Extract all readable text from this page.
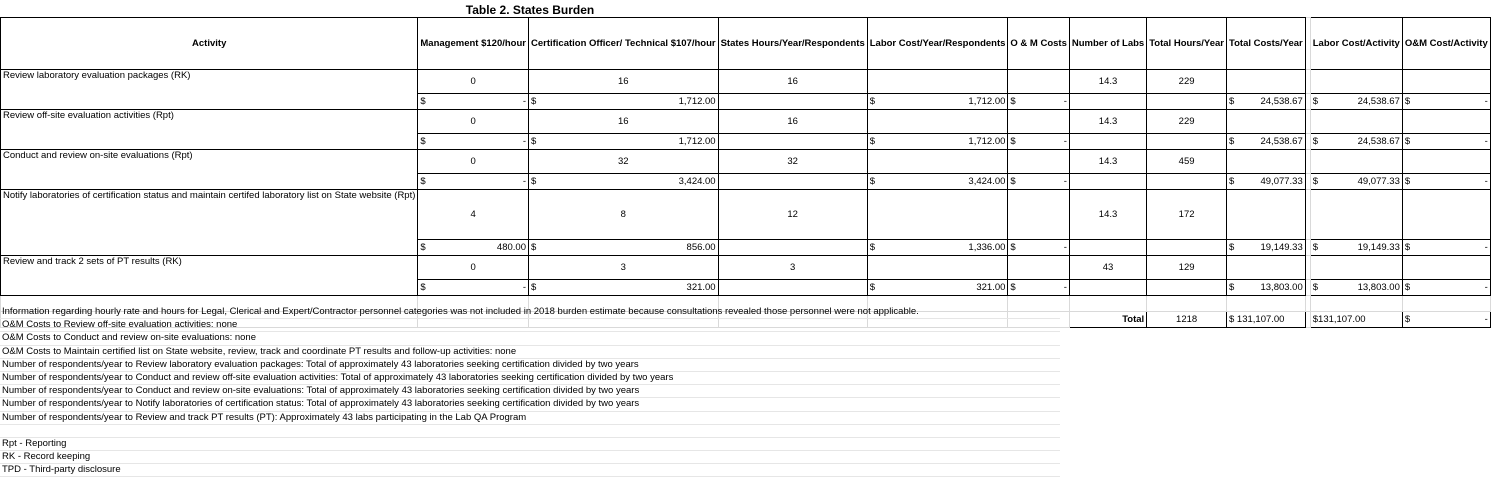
Table 2. States Burden
Activity	Management $120/hour	Certification Officer/ Technical $107/hour	States Hours/Year/Respondents	Labor Cost/Year/Respondents	O & M Costs	Number of Labs	Total Hours/Year	Total Costs/Year		Labor Cost/Activity	O&M Cost/Activity
Review laboratory evaluation packages (RK)	0	16	16			14.3	229				

	$ -	$ 1,712.00		$ 1,712.00	$ -			$ 24,538.67		$ 24,538.67	$ -

Review off-site evaluation activities (Rpt)	0	16	16			14.3	229				

	$ -	$ 1,712.00		$ 1,712.00	$ -			$ 24,538.67		$ 24,538.67	$ -

Conduct and review on-site evaluations (Rpt)	0	32	32			14.3	459				

	$ -	$ 3,424.00		$ 3,424.00	$ -			$ 49,077.33		$ 49,077.33	$ -

Notify laboratories of certification status and maintain certifed laboratory list on State website (Rpt)	4	8	12			14.3	172				

	$ 480.00	$ 856.00		$ 1,336.00	$ -			$ 19,149.33		$ 19,149.33	$ -

Review and track 2 sets of PT results (RK)	0	3	3			43	129				

	$ -	$ 321.00		$ 321.00	$ -			$ 13,803.00		$ 13,803.00	$ -

						Total	1218	$ 131,107.00		$131,107.00	$ -
Information regarding hourly rate and hours for Legal, Clerical and Expert/Contractor personnel categories was not included in 2018 burden estimate because consultations revealed those personnel were not applicable.
O&M Costs to Review off-site evaluation activities: none
O&M Costs to Conduct and review on-site evaluations: none
O&M Costs to Maintain certified list on State website, review, track and coordinate PT results and follow-up activities: none
Number of respondents/year to Review laboratory evaluation packages: Total of approximately 43 laboratories seeking certification divided by two years
Number of respondents/year to Conduct and review off-site evaluation activities: Total of approximately 43 laboratories seeking certification divided by two years
Number of respondents/year to Conduct and review on-site evaluations: Total of approximately 43 laboratories seeking certification divided by two years
Number of respondents/year to Notify laboratories of certification status: Total of approximately 43 laboratories seeking certification divided by two years
Number of respondents/year to Review and track PT results (PT): Approximately 43 labs participating in the Lab QA Program
Rpt - Reporting
RK - Record keeping
TPD - Third-party disclosure
